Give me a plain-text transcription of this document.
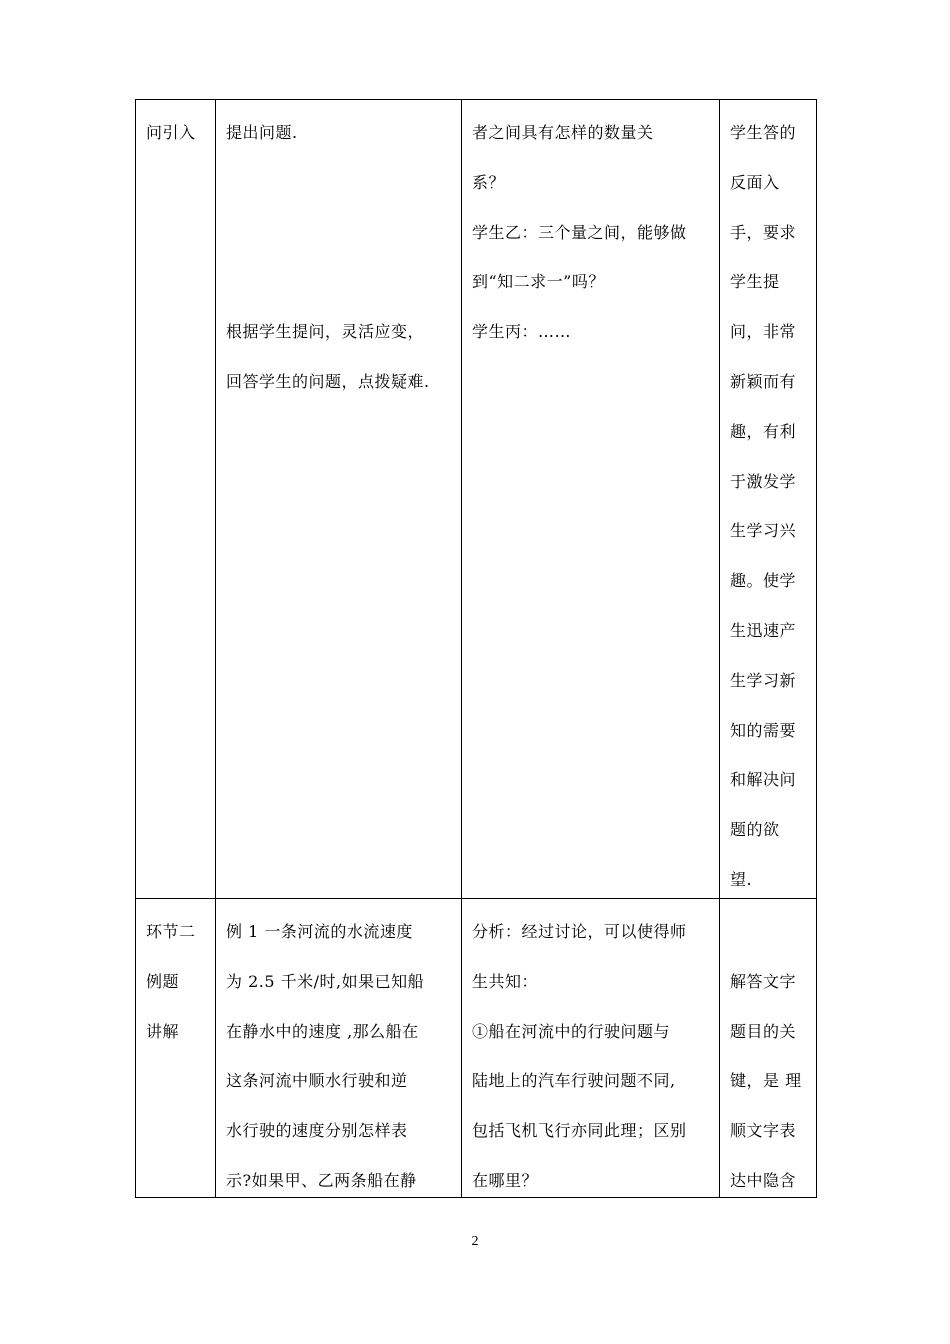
问引入	提出问题.
根据学生提问，灵活应变，
回答学生的问题，点拨疑难.
者之间具有怎样的数量关
系？
学生乙：三个量之间，能够做
到“知二求一”吗？
学生丙：……
学生答的
反面入
手，要求
学生提
问，非常
新颖而有
趣，有利
于激发学
生学习兴
趣。使学
生迅速产
生学习新
知的需要
和解决问
题的欲
望.
环节二
例题
讲解
例 1 一条河流的水流速度
为 2.5 千米/时,如果已知船
在静水中的速度 ,那么船在
这条河流中顺水行驶和逆
水行驶的速度分别怎样表
示?如果甲、乙两条船在静
分析：经过讨论，可以使得师
生共知：
①船在河流中的行驶问题与
陆地上的汽车行驶问题不同,
包括飞机飞行亦同此理；区别
在哪里？
解答文字
题目的关
键，是 理
顺文字表
达中隐含
2
